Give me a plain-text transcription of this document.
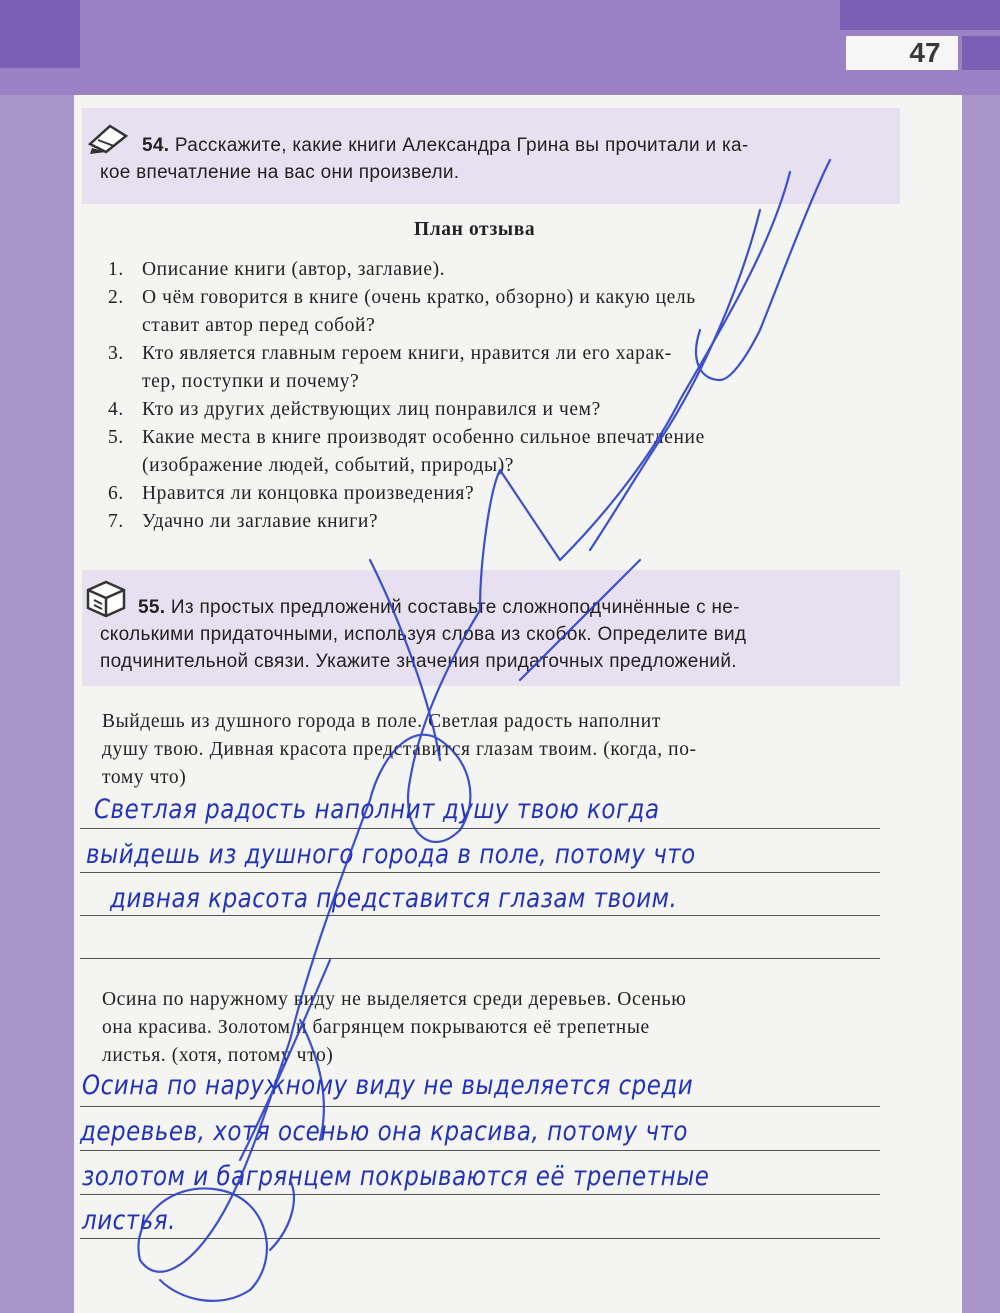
47
54. Расскажите, какие книги Александра Грина вы прочитали и ка-
кое впечатление на вас они произвели.
План отзыва
1. Описание книги (автор, заглавие).
2. О чём говорится в книге (очень кратко, обзорно) и какую цель
ставит автор перед собой?
3. Кто является главным героем книги, нравится ли его харак-
тер, поступки и почему?
4. Кто из других действующих лиц понравился и чем?
5. Какие места в книге производят особенно сильное впечатление
(изображение людей, событий, природы)?
6. Нравится ли концовка произведения?
7. Удачно ли заглавие книги?
55. Из простых предложений составьте сложноподчинённые с не-
сколькими придаточными, используя слова из скобок. Определите вид
подчинительной связи. Укажите значения придаточных предложений.
Выйдешь из душного города в поле. Светлая радость наполнит
душу твою. Дивная красота представится глазам твоим. (когда, по-
тому что)
Светлая радость наполнит душу твою когда
выйдешь из душного города в поле, потому что
дивная красота представится глазам твоим.
Осина по наружному виду не выделяется среди деревьев. Осенью
она красива. Золотом и багрянцем покрываются её трепетные
листья. (хотя, потому что)
Осина по наружному виду не выделяется среди
деревьев, хотя осенью она красива, потому что
золотом и багрянцем покрываются её трепетные
листья.
